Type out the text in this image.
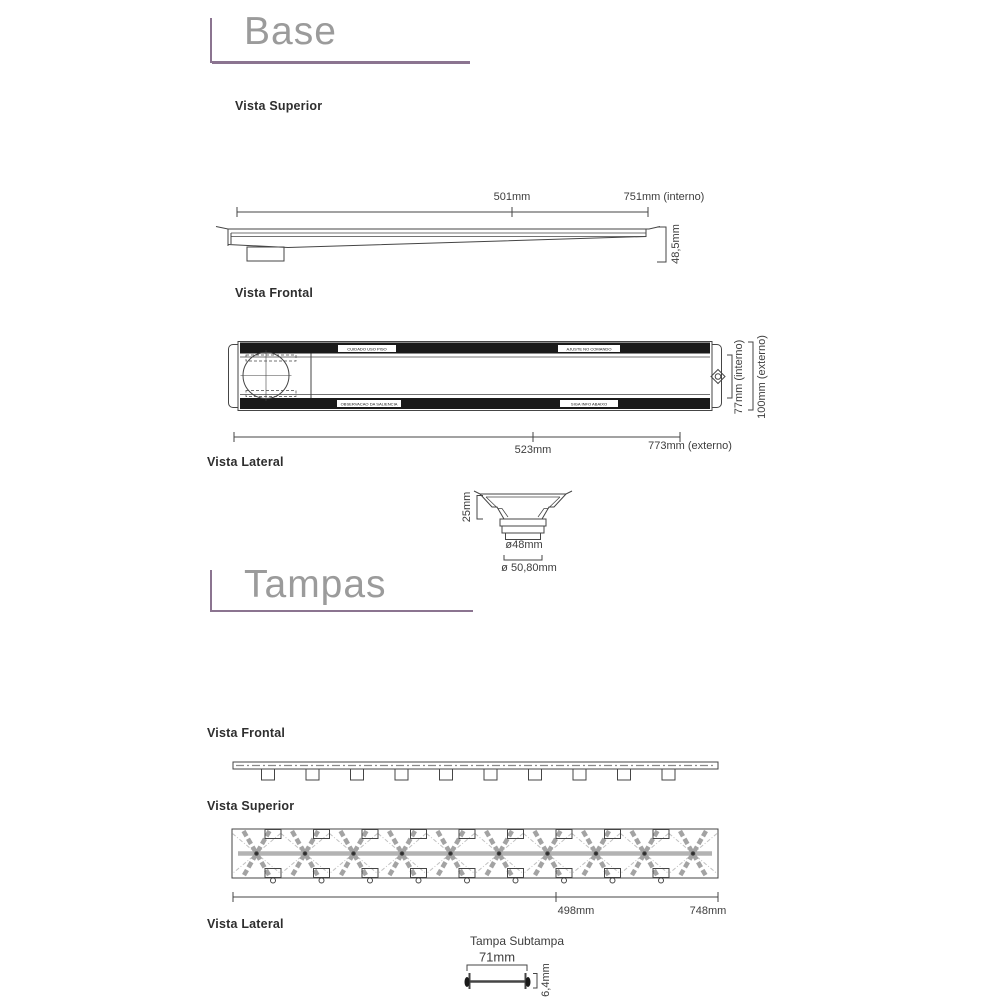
Base
Tampas
Vista Superior
Vista Frontal
Vista Lateral
Vista Frontal
Vista Superior
Vista Lateral
501mm	751mm (interno)
48,5mm
CUIDADO USO PISO	AJUSTE NO COMANDO
OBSERVACAO DA SALIENCIA	SIGA INFO ABAIXO	77mm (interno) 100mm (externo)
523mm	773mm (externo)
25mm
ø48mm
ø 50,80mm
498mm	748mm
Tampa Subtampa
71mm
6,4mm
